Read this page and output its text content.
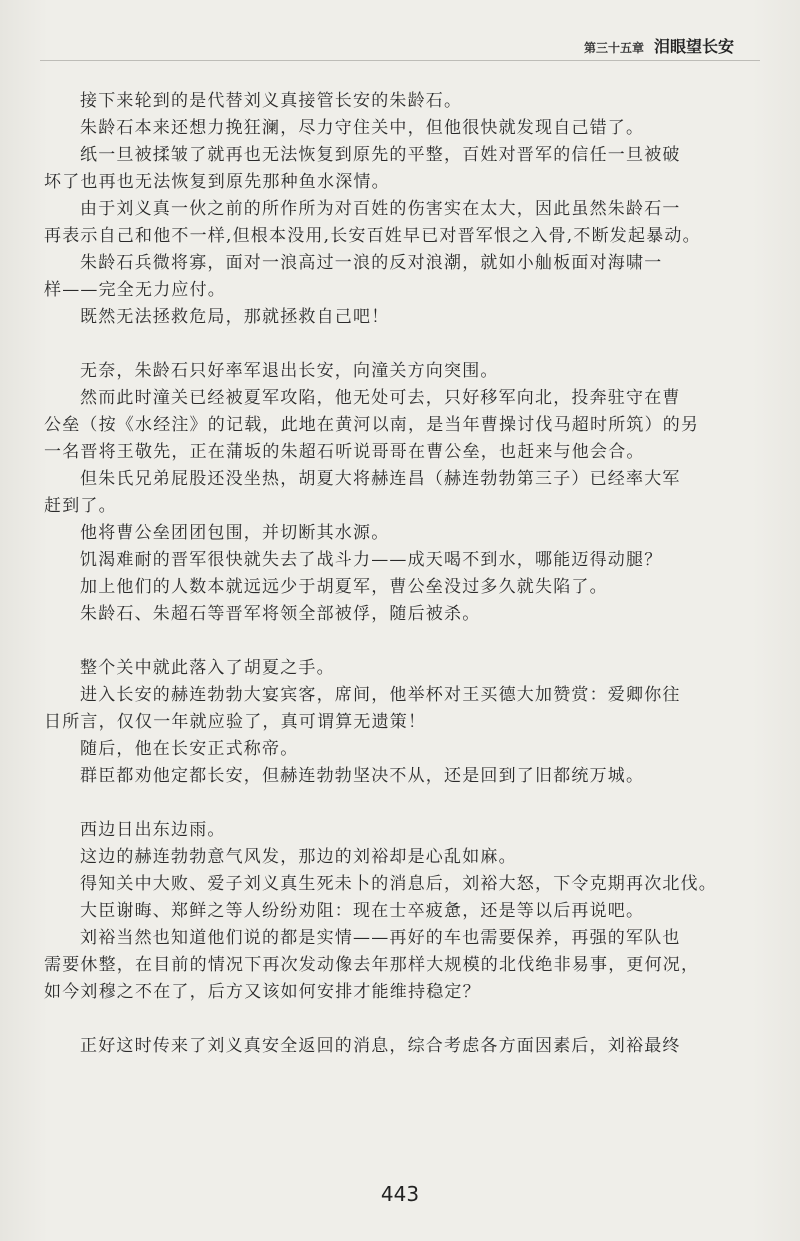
第三十五章 泪眼望长安

接下来轮到的是代替刘义真接管长安的朱龄石。

朱龄石本来还想力挽狂澜，尽力守住关中，但他很快就发现自己错了。

纸一旦被揉皱了就再也无法恢复到原先的平整，百姓对晋军的信任一旦被破

坏了也再也无法恢复到原先那种鱼水深情。

由于刘义真一伙之前的所作所为对百姓的伤害实在太大，因此虽然朱龄石一

再表示自己和他不一样,但根本没用,长安百姓早已对晋军恨之入骨,不断发起暴动。

朱龄石兵微将寡，面对一浪高过一浪的反对浪潮，就如小舢板面对海啸一

样——完全无力应付。

既然无法拯救危局，那就拯救自己吧！

无奈，朱龄石只好率军退出长安，向潼关方向突围。

然而此时潼关已经被夏军攻陷，他无处可去，只好移军向北，投奔驻守在曹

公垒（按《水经注》的记载，此地在黄河以南，是当年曹操讨伐马超时所筑）的另

一名晋将王敬先，正在蒲坂的朱超石听说哥哥在曹公垒，也赶来与他会合。

但朱氏兄弟屁股还没坐热，胡夏大将赫连昌（赫连勃勃第三子）已经率大军

赶到了。

他将曹公垒团团包围，并切断其水源。

饥渴难耐的晋军很快就失去了战斗力——成天喝不到水，哪能迈得动腿？

加上他们的人数本就远远少于胡夏军，曹公垒没过多久就失陷了。

朱龄石、朱超石等晋军将领全部被俘，随后被杀。

整个关中就此落入了胡夏之手。

进入长安的赫连勃勃大宴宾客，席间，他举杯对王买德大加赞赏：爱卿你往

日所言，仅仅一年就应验了，真可谓算无遗策！

随后，他在长安正式称帝。

群臣都劝他定都长安，但赫连勃勃坚决不从，还是回到了旧都统万城。

西边日出东边雨。

这边的赫连勃勃意气风发，那边的刘裕却是心乱如麻。

得知关中大败、爱子刘义真生死未卜的消息后，刘裕大怒，下令克期再次北伐。

大臣谢晦、郑鲜之等人纷纷劝阻：现在士卒疲惫，还是等以后再说吧。

刘裕当然也知道他们说的都是实情——再好的车也需要保养，再强的军队也

需要休整，在目前的情况下再次发动像去年那样大规模的北伐绝非易事，更何况，

如今刘穆之不在了，后方又该如何安排才能维持稳定？

正好这时传来了刘义真安全返回的消息，综合考虑各方面因素后，刘裕最终

443
